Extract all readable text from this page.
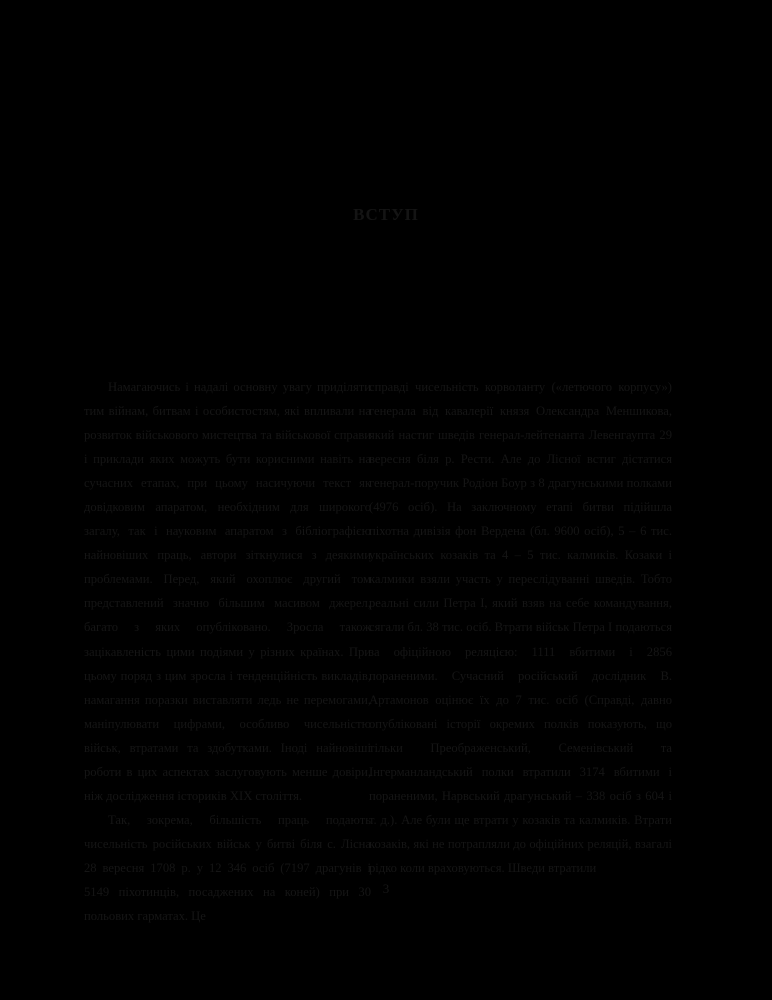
ВСТУП

Намагаючись і надалі основну увагу приділяти тим війнам, битвам і особистостям, які впливали на розвиток військового мистецтва та військової справи і приклади яких можуть бути корисними навіть на сучасних етапах, при цьому насичуючи текст як довідковим апаратом, необхідним для широкого загалу, так і науковим апаратом з бібліографією найновіших праць, автори зіткнулися з деякими проблемами. Перед, який охоплює другий том представлений значно більшим масивом джерел, багато з яких опубліковано. Зросла також зацікавленість цими подіями у різних країнах. При цьому поряд з цим зросла і тенденційність викладів, намагання поразки виставляти ледь не перемогами, маніпулювати цифрами, особливо чисельністю військ, втратами та здобутками. Іноді найновіші роботи в цих аспектах заслуговують менше довіри, ніж дослідження істориків XIX століття.

Так, зокрема, більшість праць подають чисельність російських військ у битві біля с. Лісна 28 вересня 1708 р. у 12 346 осіб (7197 драгунів і 5149 піхотинців, посаджених на коней) при 30 польових гарматах. Це

справді чисельність корволанту («летючого корпусу») генерала від кавалерії князя Олександра Меншикова, який настиг шведів генерал-лейтенанта Левенгаупта 29 вересня біля р. Рести. Але до Лісної встиг дістатися генерал-поручик Родіон Боур з 8 драгунськими полками (4976 осіб). На заключному етапі битви підійшла піхотна дивізія фон Вердена (бл. 9600 осіб), 5 – 6 тис. українських козаків та 4 – 5 тис. калмиків. Козаки і калмики взяли участь у переслідуванні шведів. Тобто реальні сили Петра І, який взяв на себе командування, сягали бл. 38 тис. осіб. Втрати військ Петра І подаються за офіційною реляцією: 1111 вбитими і 2856 пораненими. Сучасний російський дослідник В. Артамонов оцінює їх до 7 тис. осіб (Справді, давно опубліковані історії окремих полків показують, що тільки Преображенський, Семенівський та Інгерманландський полки втратили 3174 вбитими і пораненими, Нарвський драгунський – 338 осіб з 604 і т. д.). Але були ще втрати у козаків та калмиків. Втрати козаків, які не потрапляли до офіційних реляцій, взагалі рідко коли враховуються. Шведи втратили

3
